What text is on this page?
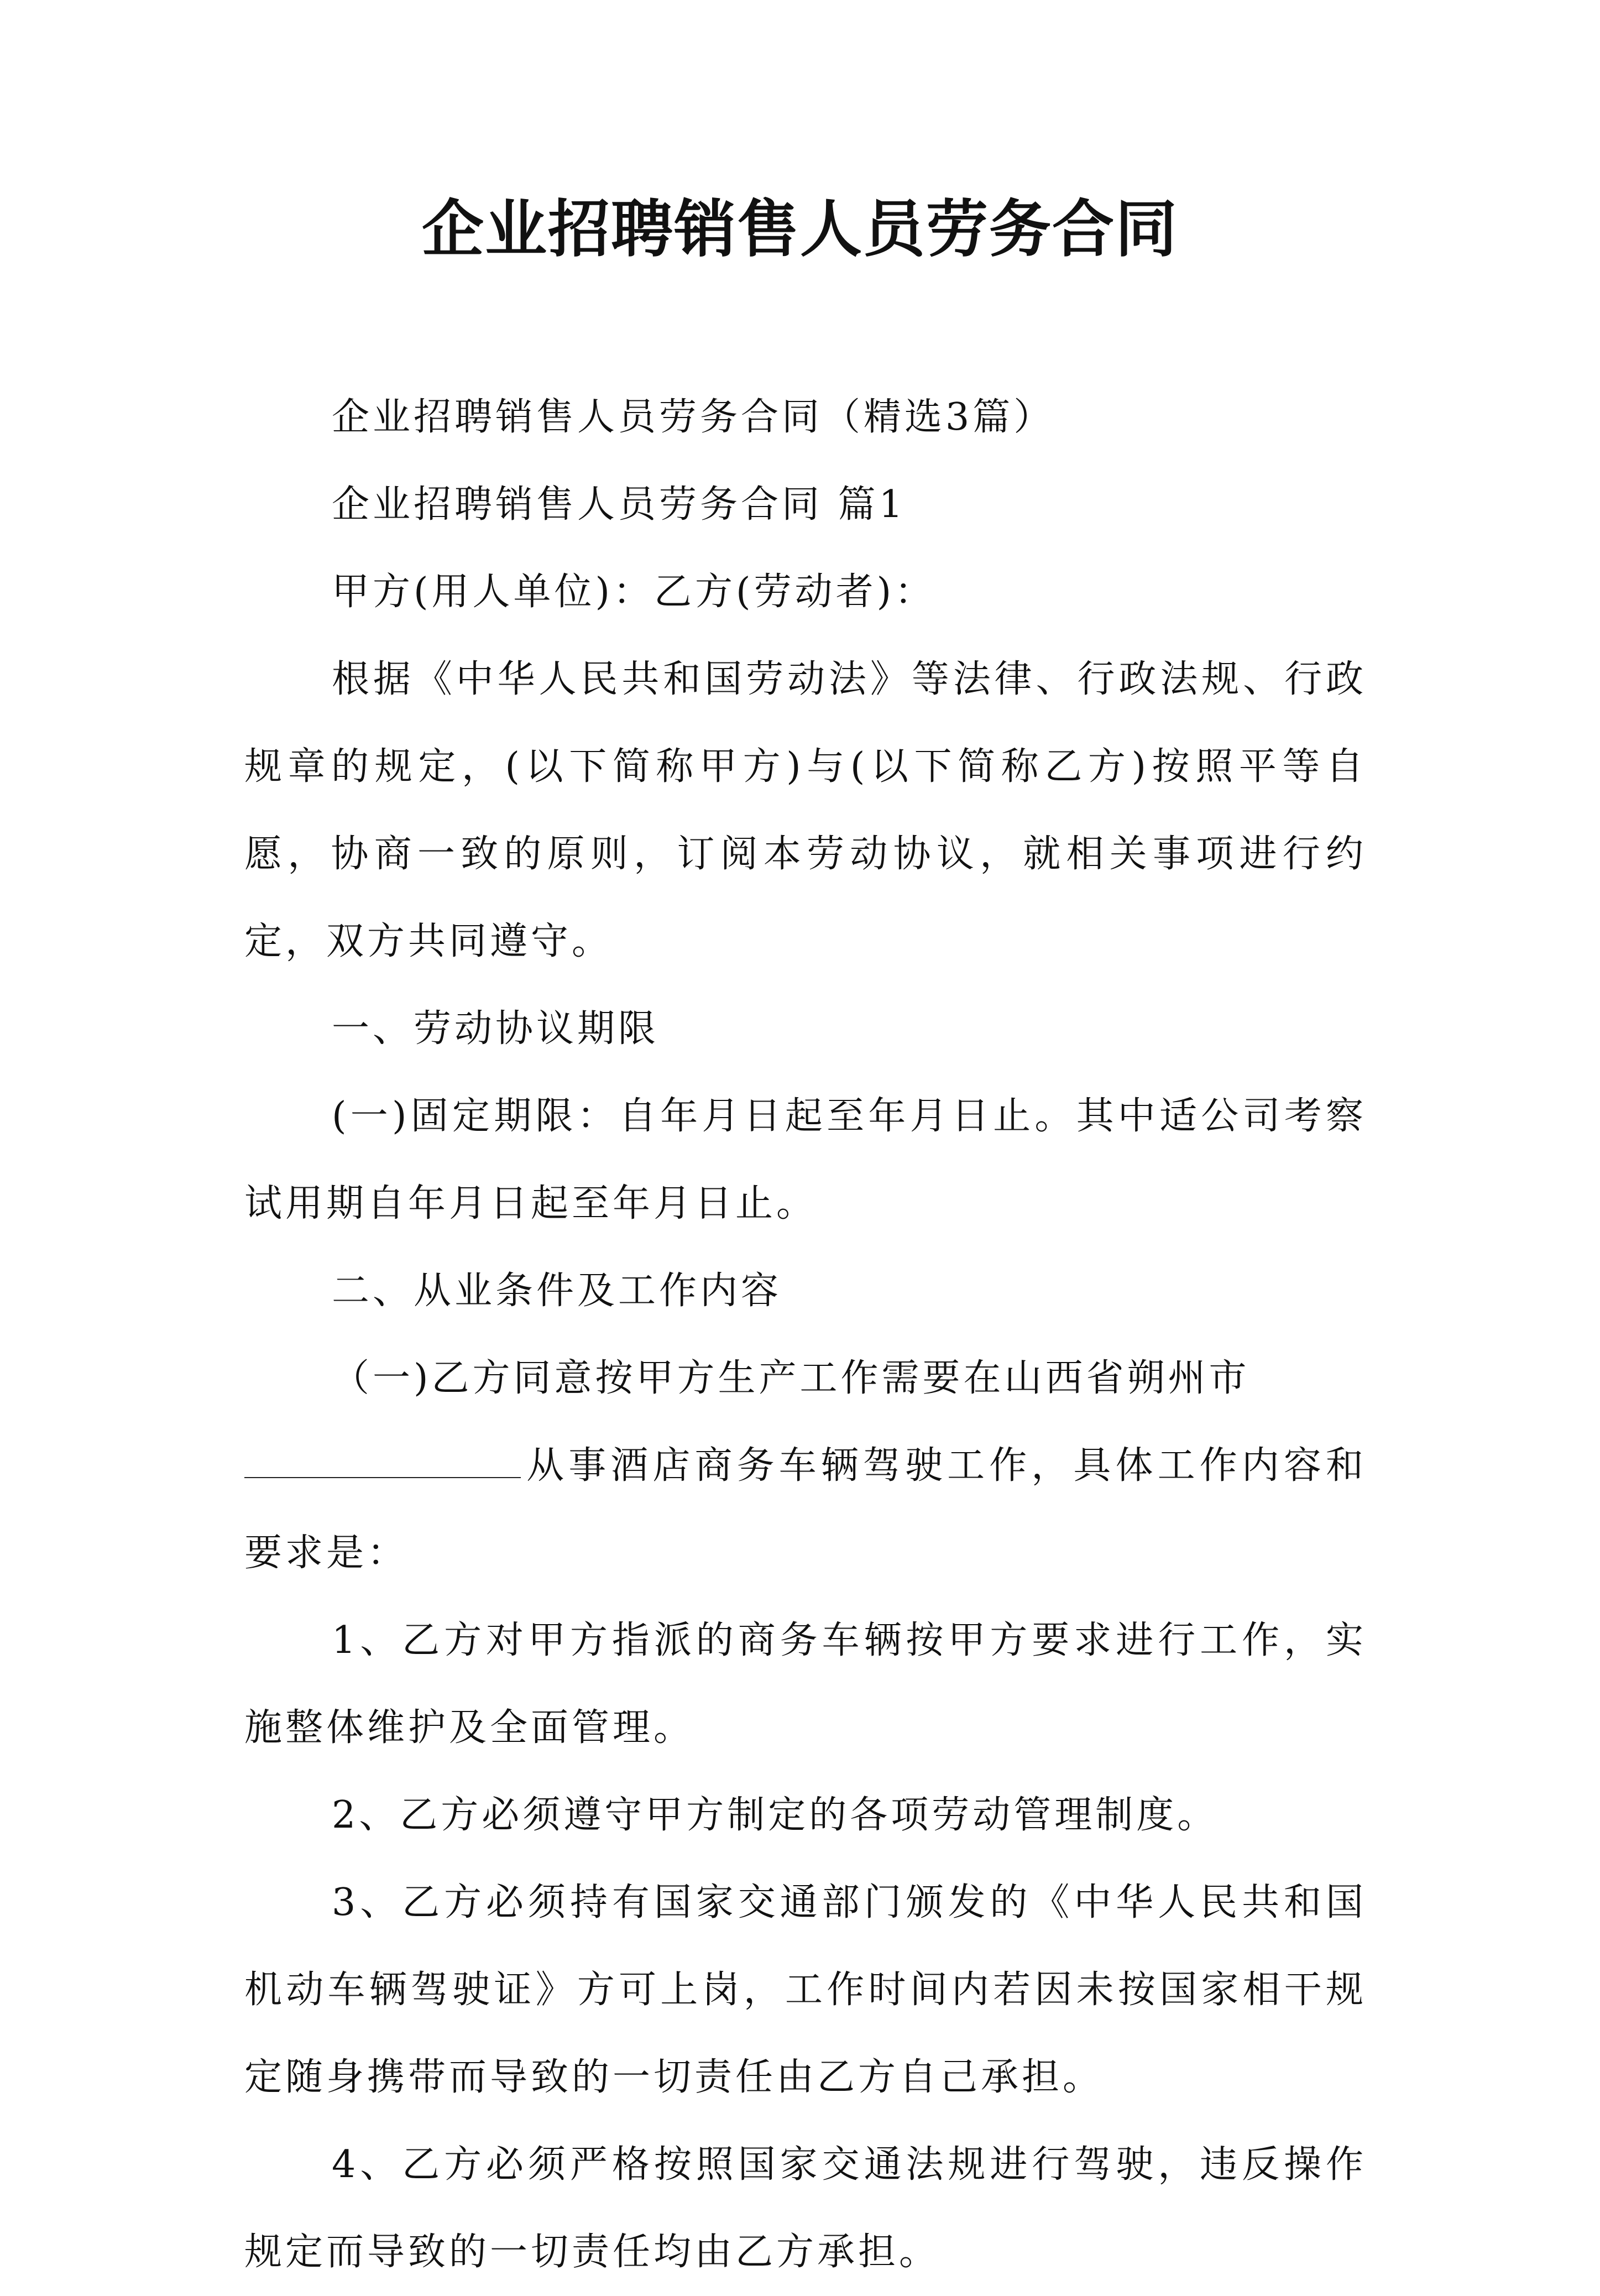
企业招聘销售人员劳务合同

企业招聘销售人员劳务合同（精选3篇）

企业招聘销售人员劳务合同 篇1

甲方(用人单位)：乙方(劳动者)：

根据《中华人民共和国劳动法》等法律、行政法规、行政规章的规定，(以下简称甲方)与(以下简称乙方)按照平等自愿，协商一致的原则，订阅本劳动协议，就相关事项进行约定，双方共同遵守。

一、劳动协议期限

(一)固定期限：自年月日起至年月日止。其中适公司考察试用期自年月日起至年月日止。

二、从业条件及工作内容

（一)乙方同意按甲方生产工作需要在山西省朔州市
从事酒店商务车辆驾驶工作，具体工作内容和要求是：

1、乙方对甲方指派的商务车辆按甲方要求进行工作，实施整体维护及全面管理。

2、乙方必须遵守甲方制定的各项劳动管理制度。

3、乙方必须持有国家交通部门颁发的《中华人民共和国机动车辆驾驶证》方可上岗，工作时间内若因未按国家相干规定随身携带而导致的一切责任由乙方自己承担。

4、乙方必须严格按照国家交通法规进行驾驶，违反操作规定而导致的一切责任均由乙方承担。
